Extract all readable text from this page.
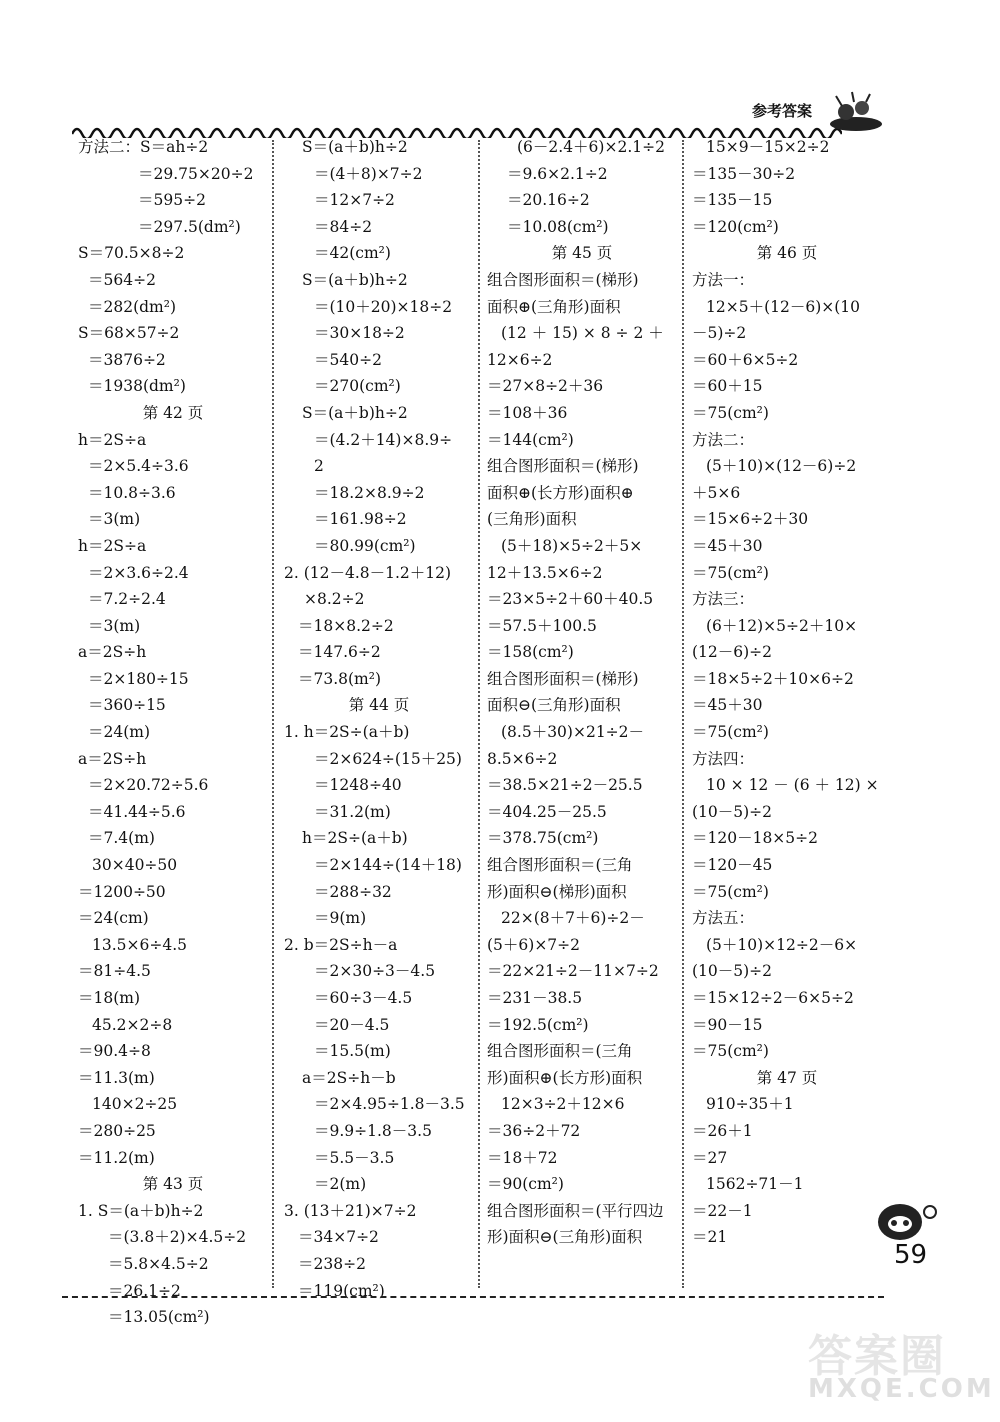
参考答案
方法二：S＝ah÷2
＝29.75×20÷2
＝595÷2
＝297.5(dm²)
S＝70.5×8÷2
＝564÷2
＝282(dm²)
S＝68×57÷2
＝3876÷2
＝1938(dm²)
第 42 页
h＝2S÷a
＝2×5.4÷3.6
＝10.8÷3.6
＝3(m)
h＝2S÷a
＝2×3.6÷2.4
＝7.2÷2.4
＝3(m)
a＝2S÷h
＝2×180÷15
＝360÷15
＝24(m)
a＝2S÷h
＝2×20.72÷5.6
＝41.44÷5.6
＝7.4(m)
30×40÷50
＝1200÷50
＝24(cm)
13.5×6÷4.5
＝81÷4.5
＝18(m)
45.2×2÷8
＝90.4÷8
＝11.3(m)
140×2÷25
＝280÷25
＝11.2(m)
第 43 页
1. S＝(a＋b)h÷2
＝(3.8＋2)×4.5÷2
＝5.8×4.5÷2
＝26.1÷2
＝13.05(cm²)
S＝(a＋b)h÷2
＝(4＋8)×7÷2
＝12×7÷2
＝84÷2
＝42(cm²)
S＝(a＋b)h÷2
＝(10＋20)×18÷2
＝30×18÷2
＝540÷2
＝270(cm²)
S＝(a＋b)h÷2
＝(4.2＋14)×8.9÷
2
＝18.2×8.9÷2
＝161.98÷2
＝80.99(cm²)
2. (12－4.8－1.2＋12)
×8.2÷2
＝18×8.2÷2
＝147.6÷2
＝73.8(m²)
第 44 页
1. h＝2S÷(a＋b)
＝2×624÷(15＋25)
＝1248÷40
＝31.2(m)
h＝2S÷(a＋b)
＝2×144÷(14＋18)
＝288÷32
＝9(m)
2. b＝2S÷h－a
＝2×30÷3－4.5
＝60÷3－4.5
＝20－4.5
＝15.5(m)
a＝2S÷h－b
＝2×4.95÷1.8－3.5
＝9.9÷1.8－3.5
＝5.5－3.5
＝2(m)
3. (13＋21)×7÷2
＝34×7÷2
＝238÷2
＝119(cm²)
(6－2.4＋6)×2.1÷2
＝9.6×2.1÷2
＝20.16÷2
＝10.08(cm²)
第 45 页
组合图形面积＝(梯形)
面积⊕(三角形)面积
(12 ＋ 15) × 8 ÷ 2 ＋
12×6÷2
＝27×8÷2＋36
＝108＋36
＝144(cm²)
组合图形面积＝(梯形)
面积⊕(长方形)面积⊕
(三角形)面积
(5＋18)×5÷2＋5×
12＋13.5×6÷2
＝23×5÷2＋60＋40.5
＝57.5＋100.5
＝158(cm²)
组合图形面积＝(梯形)
面积⊖(三角形)面积
(8.5＋30)×21÷2－
8.5×6÷2
＝38.5×21÷2－25.5
＝404.25－25.5
＝378.75(cm²)
组合图形面积＝(三角
形)面积⊖(梯形)面积
22×(8＋7＋6)÷2－
(5＋6)×7÷2
＝22×21÷2－11×7÷2
＝231－38.5
＝192.5(cm²)
组合图形面积＝(三角
形)面积⊕(长方形)面积
12×3÷2＋12×6
＝36÷2＋72
＝18＋72
＝90(cm²)
组合图形面积＝(平行四边
形)面积⊖(三角形)面积
15×9－15×2÷2
＝135－30÷2
＝135－15
＝120(cm²)
第 46 页
方法一：
12×5＋(12－6)×(10
－5)÷2
＝60＋6×5÷2
＝60＋15
＝75(cm²)
方法二：
(5＋10)×(12－6)÷2
＋5×6
＝15×6÷2＋30
＝45＋30
＝75(cm²)
方法三：
(6＋12)×5÷2＋10×
(12－6)÷2
＝18×5÷2＋10×6÷2
＝45＋30
＝75(cm²)
方法四：
10 × 12 － (6 ＋ 12) ×
(10－5)÷2
＝120－18×5÷2
＝120－45
＝75(cm²)
方法五：
(5＋10)×12÷2－6×
(10－5)÷2
＝15×12÷2－6×5÷2
＝90－15
＝75(cm²)
第 47 页
910÷35＋1
＝26＋1
＝27
1562÷71－1
＝22－1
＝21
59
答案圈
MXQE.COM
